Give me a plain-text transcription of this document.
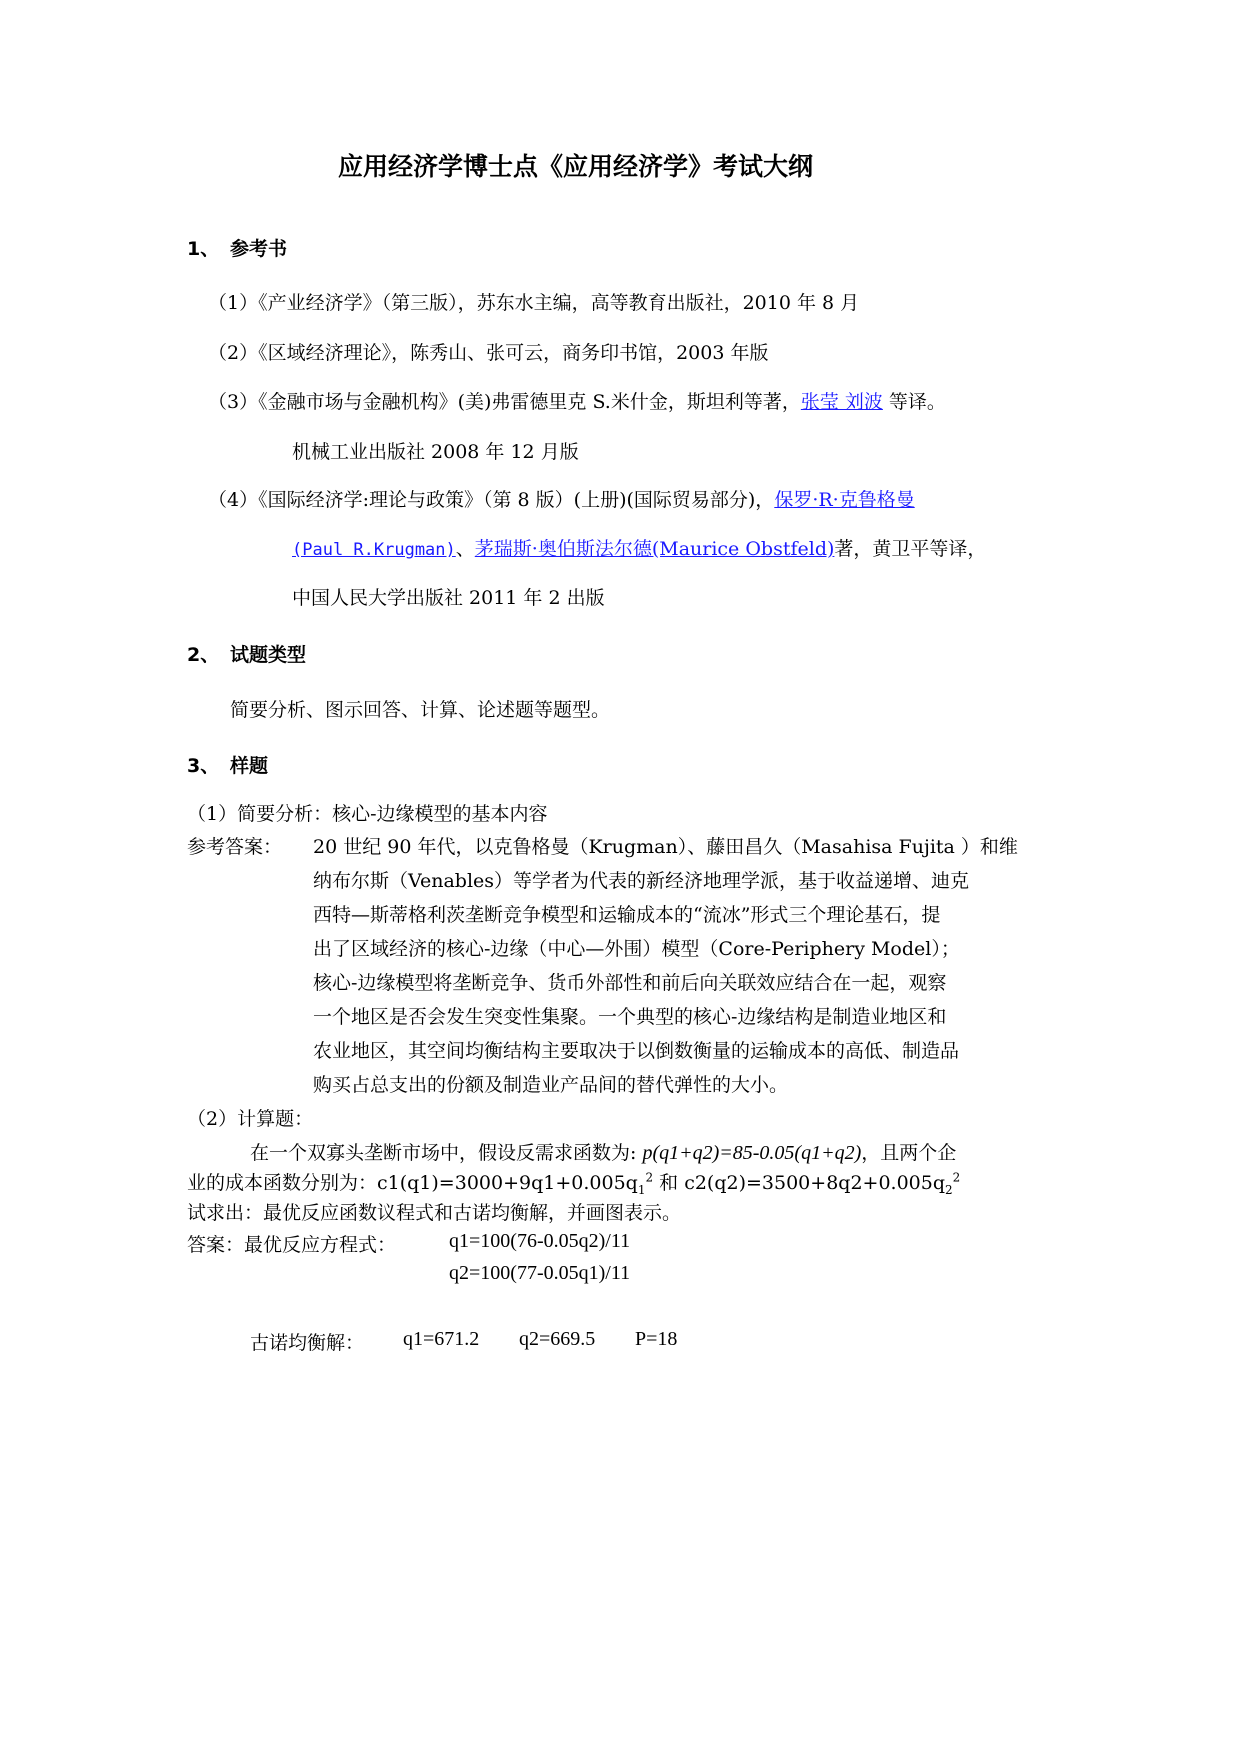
应用经济学博士点《应用经济学》考试大纲
1、 参考书
（1）《产业经济学》（第三版），苏东水主编，高等教育出版社，2010 年 8 月
（2）《区域经济理论》，陈秀山、张可云，商务印书馆，2003 年版
（3）《金融市场与金融机构》(美)弗雷德里克 S.米什金，斯坦利等著，张莹 刘波 等译。
机械工业出版社 2008 年 12 月版
（4）《国际经济学:理论与政策》（第 8 版）(上册)(国际贸易部分)，保罗·R·克鲁格曼
(Paul R.Krugman)、茅瑞斯·奥伯斯法尔德(Maurice Obstfeld)著，黄卫平等译，
中国人民大学出版社 2011 年 2 出版
2、 试题类型
简要分析、图示回答、计算、论述题等题型。
3、 样题
（1）简要分析：核心-边缘模型的基本内容
参考答案： 20 世纪 90 年代，以克鲁格曼（Krugman）、藤田昌久（Masahisa Fujita ）和维
纳布尔斯（Venables）等学者为代表的新经济地理学派，基于收益递增、迪克
西特—斯蒂格利茨垄断竞争模型和运输成本的“流冰”形式三个理论基石，提
出了区域经济的核心-边缘（中心—外围）模型（Core-Periphery Model）；
核心-边缘模型将垄断竞争、货币外部性和前后向关联效应结合在一起，观察
一个地区是否会发生突变性集聚。一个典型的核心-边缘结构是制造业地区和
农业地区，其空间均衡结构主要取决于以倒数衡量的运输成本的高低、制造品
购买占总支出的份额及制造业产品间的替代弹性的大小。
（2）计算题：
在一个双寡头垄断市场中，假设反需求函数为: p(q1+q2)=85-0.05(q1+q2)，且两个企
业的成本函数分别为：$c1(q1)=3000+9q1+0.005q_1^2$ 和 $c2(q2)=3500+8q2+0.005q_2^2$
试求出：最优反应函数议程式和古诺均衡解，并画图表示。
答案：最优反应方程式：	q1=100(76-0.05q2)/11
q2=100(77-0.05q1)/11
古诺均衡解： q1=671.2 q2=669.5 P=18
